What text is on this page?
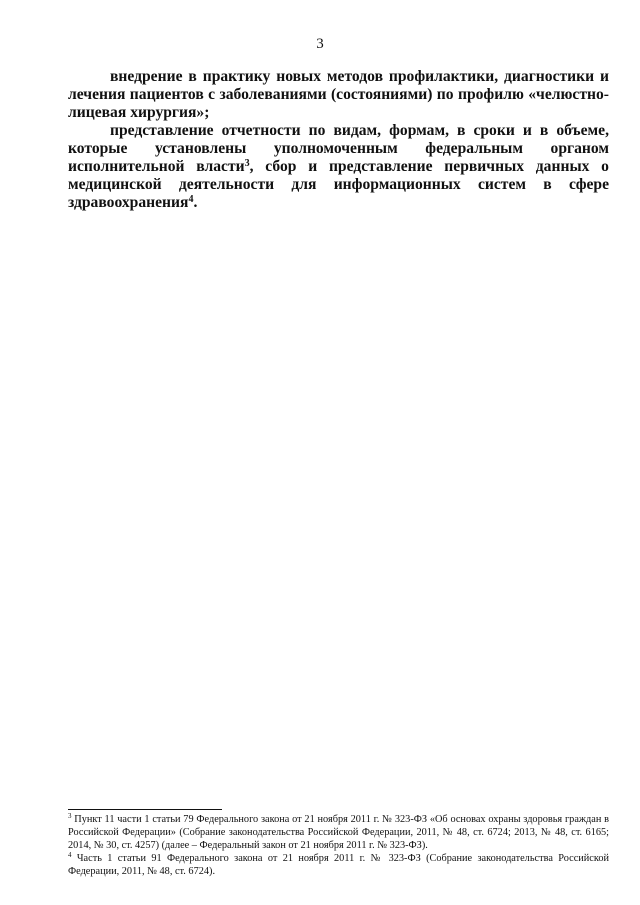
3

внедрение в практику новых методов профилактики, диагностики и лечения пациентов с заболеваниями (состояниями) по профилю «челюстно-лицевая хирургия»;

представление отчетности по видам, формам, в сроки и в объеме, которые установлены уполномоченным федеральным органом исполнительной власти$^3$, сбор и представление первичных данных о медицинской деятельности для информационных систем в сфере здравоохранения$^4$.

$^3$ Пункт 11 части 1 статьи 79 Федерального закона от 21 ноября 2011 г. № 323-ФЗ «Об основах охраны здоровья граждан в Российской Федерации» (Собрание законодательства Российской Федерации, 2011, № 48, ст. 6724; 2013, № 48, ст. 6165; 2014, № 30, ст. 4257) (далее – Федеральный закон от 21 ноября 2011 г. № 323-ФЗ).

$^4$ Часть 1 статьи 91 Федерального закона от 21 ноября 2011 г. № 323-ФЗ (Собрание законодательства Российской Федерации, 2011, № 48, ст. 6724).
